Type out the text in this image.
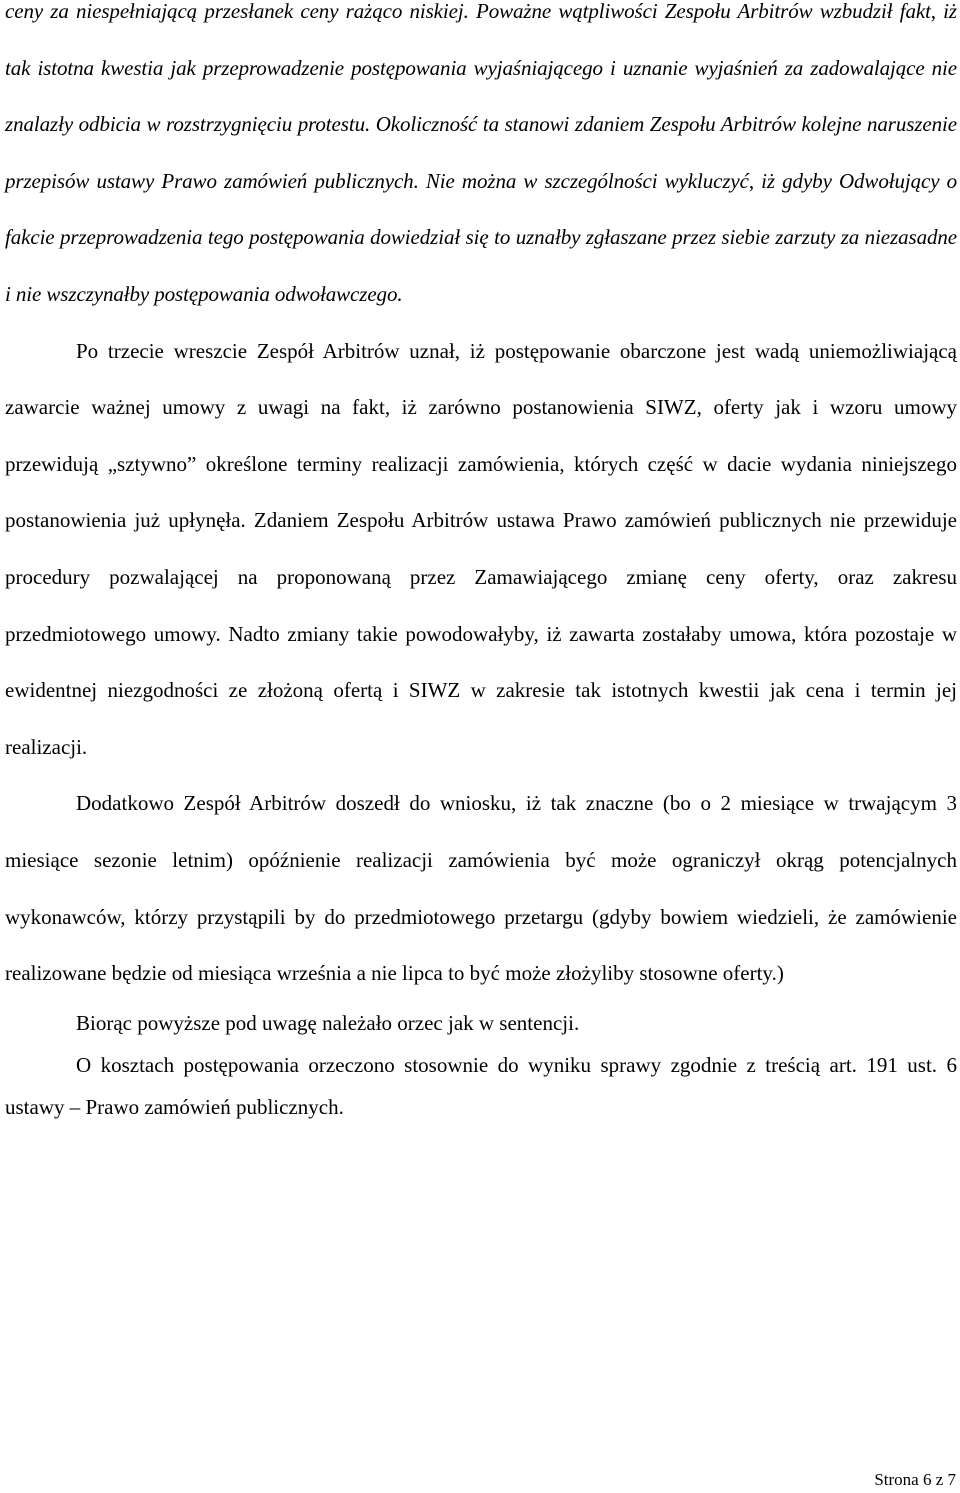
ceny za niespełniającą przesłanek ceny rażąco niskiej. Poważne wątpliwości Zespołu Arbitrów wzbudził fakt, iż tak istotna kwestia jak przeprowadzenie postępowania wyjaśniającego i uznanie wyjaśnień za zadowalające nie znalazły odbicia w rozstrzygnięciu protestu. Okoliczność ta stanowi zdaniem Zespołu Arbitrów kolejne naruszenie przepisów ustawy Prawo zamówień publicznych. Nie można w szczególności wykluczyć, iż gdyby Odwołujący o fakcie przeprowadzenia tego postępowania dowiedział się to uznałby zgłaszane przez siebie zarzuty za niezasadne i nie wszczynałby postępowania odwoławczego.

Po trzecie wreszcie Zespół Arbitrów uznał, iż postępowanie obarczone jest wadą uniemożliwiającą zawarcie ważnej umowy z uwagi na fakt, iż zarówno postanowienia SIWZ, oferty jak i wzoru umowy przewidują „sztywno” określone terminy realizacji zamówienia, których część w dacie wydania niniejszego postanowienia już upłynęła. Zdaniem Zespołu Arbitrów ustawa Prawo zamówień publicznych nie przewiduje procedury pozwalającej na proponowaną przez Zamawiającego zmianę ceny oferty, oraz zakresu przedmiotowego umowy. Nadto zmiany takie powodowałyby, iż zawarta zostałaby umowa, która pozostaje w ewidentnej niezgodności ze złożoną ofertą i SIWZ w zakresie tak istotnych kwestii jak cena i termin jej realizacji.

Dodatkowo Zespół Arbitrów doszedł do wniosku, iż tak znaczne (bo o 2 miesiące w trwającym 3 miesiące sezonie letnim) opóźnienie realizacji zamówienia być może ograniczył okrąg potencjalnych wykonawców, którzy przystąpili by do przedmiotowego przetargu (gdyby bowiem wiedzieli, że zamówienie realizowane będzie od miesiąca września a nie lipca to być może złożyliby stosowne oferty.)

Biorąc powyższe pod uwagę należało orzec jak w sentencji.

O kosztach postępowania orzeczono stosownie do wyniku sprawy zgodnie z treścią art. 191 ust. 6 ustawy – Prawo zamówień publicznych.

Strona 6 z 7
